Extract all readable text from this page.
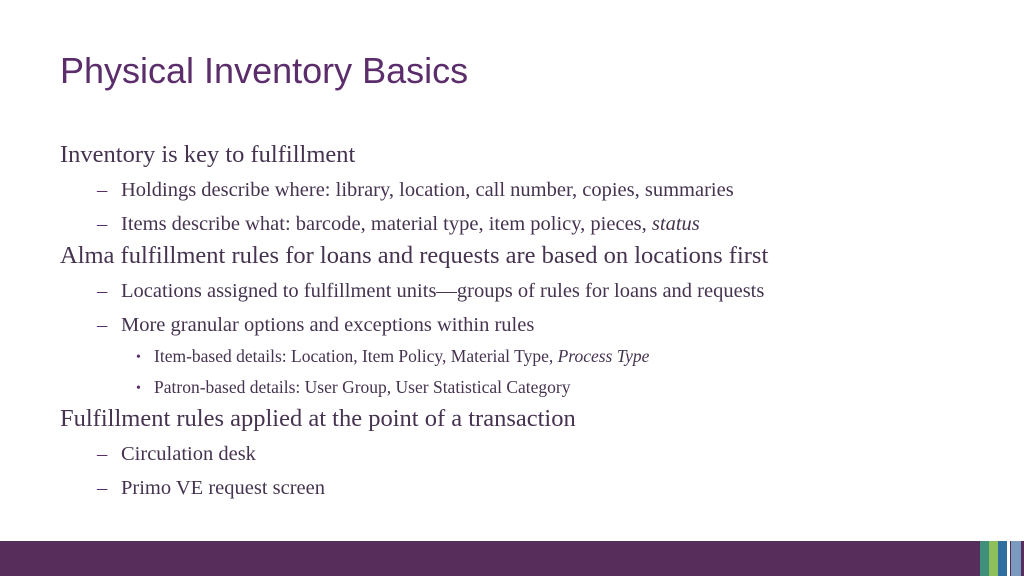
Physical Inventory Basics
Inventory is key to fulfillment
– Holdings describe where: library, location, call number, copies, summaries
– Items describe what: barcode, material type, item policy, pieces, status
Alma fulfillment rules for loans and requests are based on locations first
– Locations assigned to fulfillment units—groups of rules for loans and requests
– More granular options and exceptions within rules
• Item-based details: Location, Item Policy, Material Type, Process Type
• Patron-based details: User Group, User Statistical Category
Fulfillment rules applied at the point of a transaction
– Circulation desk
– Primo VE request screen
